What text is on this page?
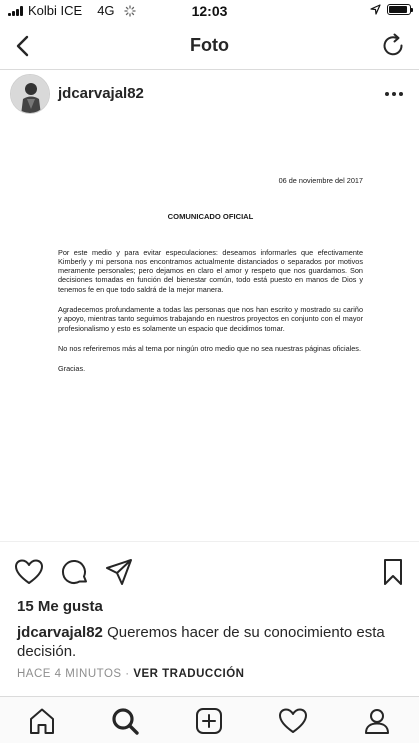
Kolbi ICE 4G	12:03
Foto
jdcarvajal82
06 de noviembre del 2017
COMUNICADO OFICIAL

Por este medio y para evitar especulaciones: deseamos informarles que efectivamente Kimberly y mi persona nos encontramos actualmente distanciados o separados por motivos meramente personales; pero dejamos en claro el amor y respeto que nos guardamos. Son decisiones tomadas en función del bienestar común, todo está puesto en manos de Dios y tenemos fe en que todo saldrá de la mejor manera.

Agradecemos profundamente a todas las personas que nos han escrito y mostrado su cariño y apoyo, mientras tanto seguimos trabajando en nuestros proyectos en conjunto con el mayor profesionalismo y esto es solamente un espacio que decidimos tomar.

No nos referiremos más al tema por ningún otro medio que no sea nuestras páginas oficiales.

Gracias.

15 Me gusta
jdcarvajal82 Queremos hacer de su conocimiento esta decisión.
HACE 4 MINUTOS · VER TRADUCCIÓN
